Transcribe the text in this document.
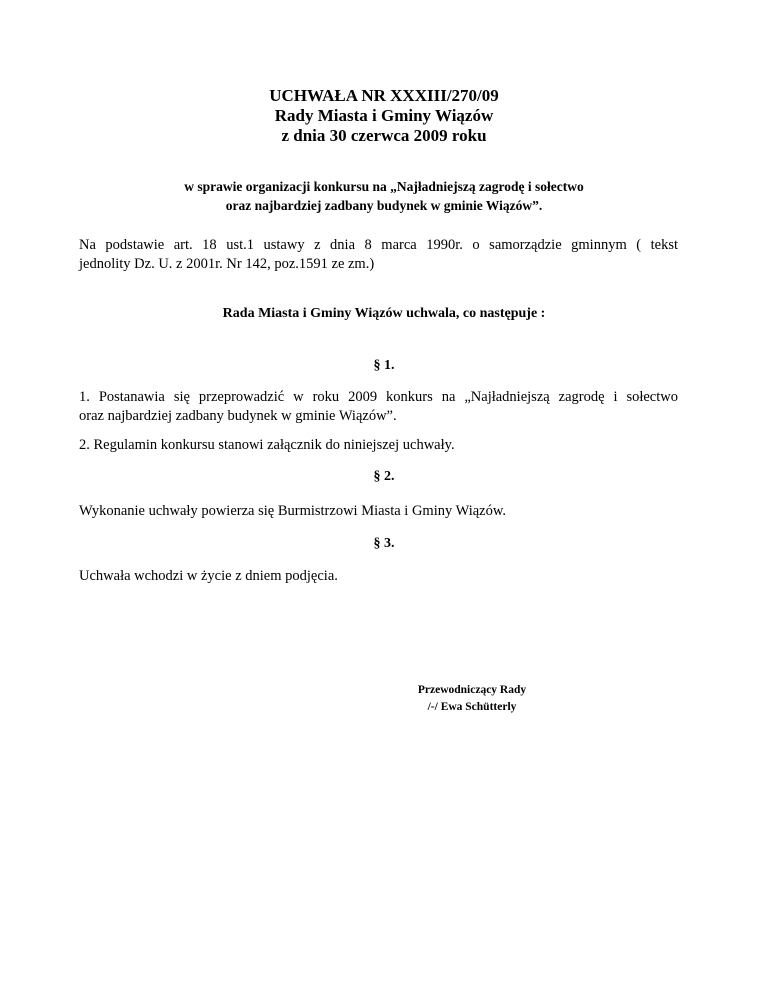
UCHWAŁA NR XXXIII/270/09
Rady Miasta i Gminy Wiązów
z dnia 30 czerwca 2009 roku
w sprawie organizacji konkursu na „Najładniejszą zagrodę i sołectwo
oraz najbardziej zadbany budynek w gminie Wiązów”.
Na podstawie art. 18 ust.1 ustawy z dnia 8 marca 1990r. o samorządzie gminnym ( tekst
jednolity Dz. U. z 2001r. Nr 142, poz.1591 ze zm.)
Rada Miasta i Gminy Wiązów uchwala, co następuje :
§ 1.
1. Postanawia się przeprowadzić w roku 2009 konkurs na „Najładniejszą zagrodę i sołectwo
oraz najbardziej zadbany budynek w gminie Wiązów”.
2. Regulamin konkursu stanowi załącznik do niniejszej uchwały.
§ 2.
Wykonanie uchwały powierza się Burmistrzowi Miasta i Gminy Wiązów.
§ 3.
Uchwała wchodzi w życie z dniem podjęcia.
Przewodniczący Rady
/-/ Ewa Schütterly
